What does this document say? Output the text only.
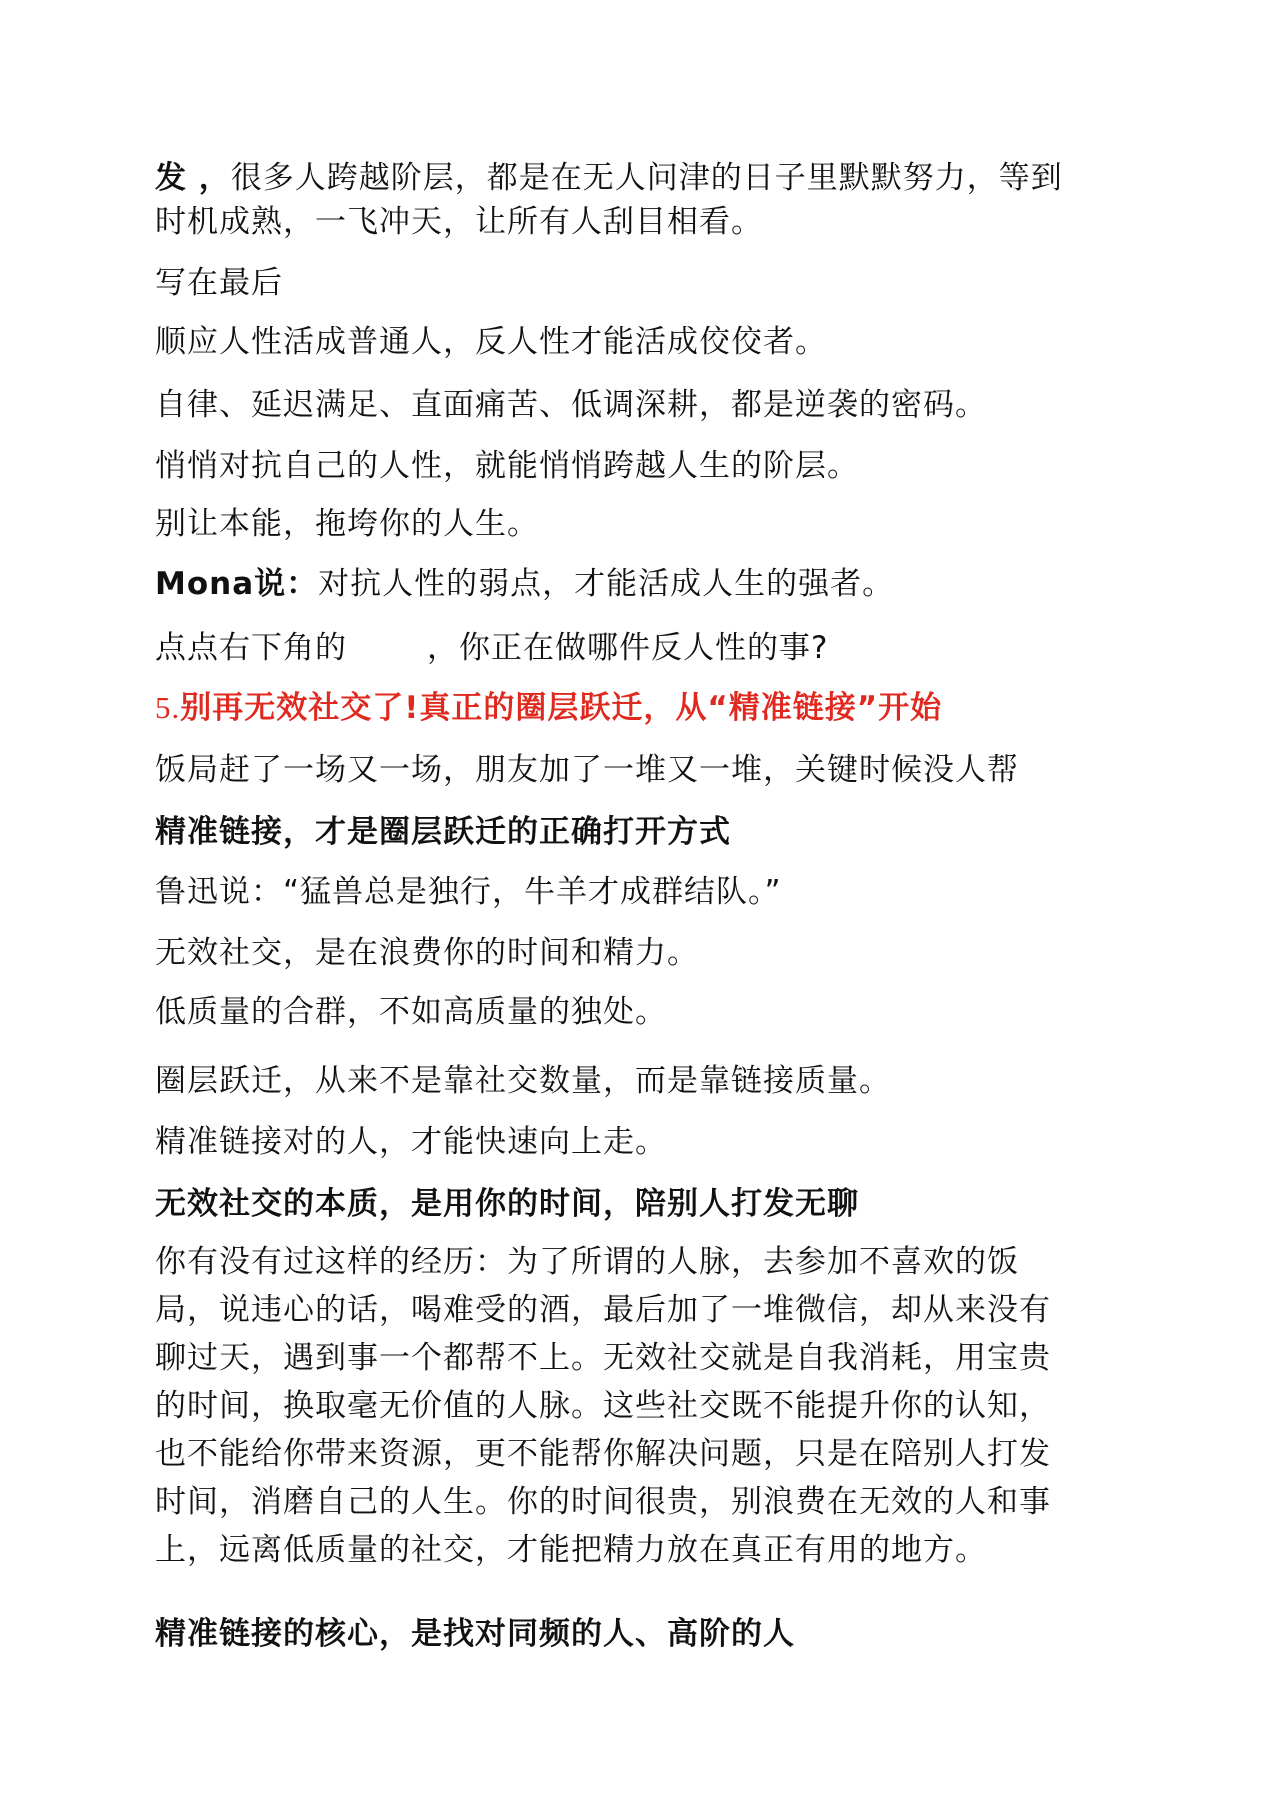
发 ，很多人跨越阶层，都是在无人问津的日子里默默努力，等到
时机成熟，一飞冲天，让所有人刮目相看。
写在最后
顺应人性活成普通人，反人性才能活成佼佼者。
自律、延迟满足、直面痛苦、低调深耕，都是逆袭的密码。
悄悄对抗自己的人性，就能悄悄跨越人生的阶层。
别让本能，拖垮你的人生。
Mona说：对抗人性的弱点，才能活成人生的强者。
点点右下角的	，你正在做哪件反人性的事?
5.别再无效社交了!真正的圈层跃迁，从“精准链接”开始
饭局赶了一场又一场，朋友加了一堆又一堆，关键时候没人帮
精准链接，才是圈层跃迁的正确打开方式
鲁迅说：“猛兽总是独行，牛羊才成群结队。”
无效社交，是在浪费你的时间和精力。
低质量的合群，不如高质量的独处。
圈层跃迁，从来不是靠社交数量，而是靠链接质量。
精准链接对的人，才能快速向上走。
无效社交的本质，是用你的时间，陪别人打发无聊
你有没有过这样的经历：为了所谓的人脉，去参加不喜欢的饭
局，说违心的话，喝难受的酒，最后加了一堆微信，却从来没有
聊过天，遇到事一个都帮不上。无效社交就是自我消耗，用宝贵
的时间，换取毫无价值的人脉。这些社交既不能提升你的认知，
也不能给你带来资源，更不能帮你解决问题，只是在陪别人打发
时间，消磨自己的人生。你的时间很贵，别浪费在无效的人和事
上，远离低质量的社交，才能把精力放在真正有用的地方。
精准链接的核心，是找对同频的人、高阶的人
